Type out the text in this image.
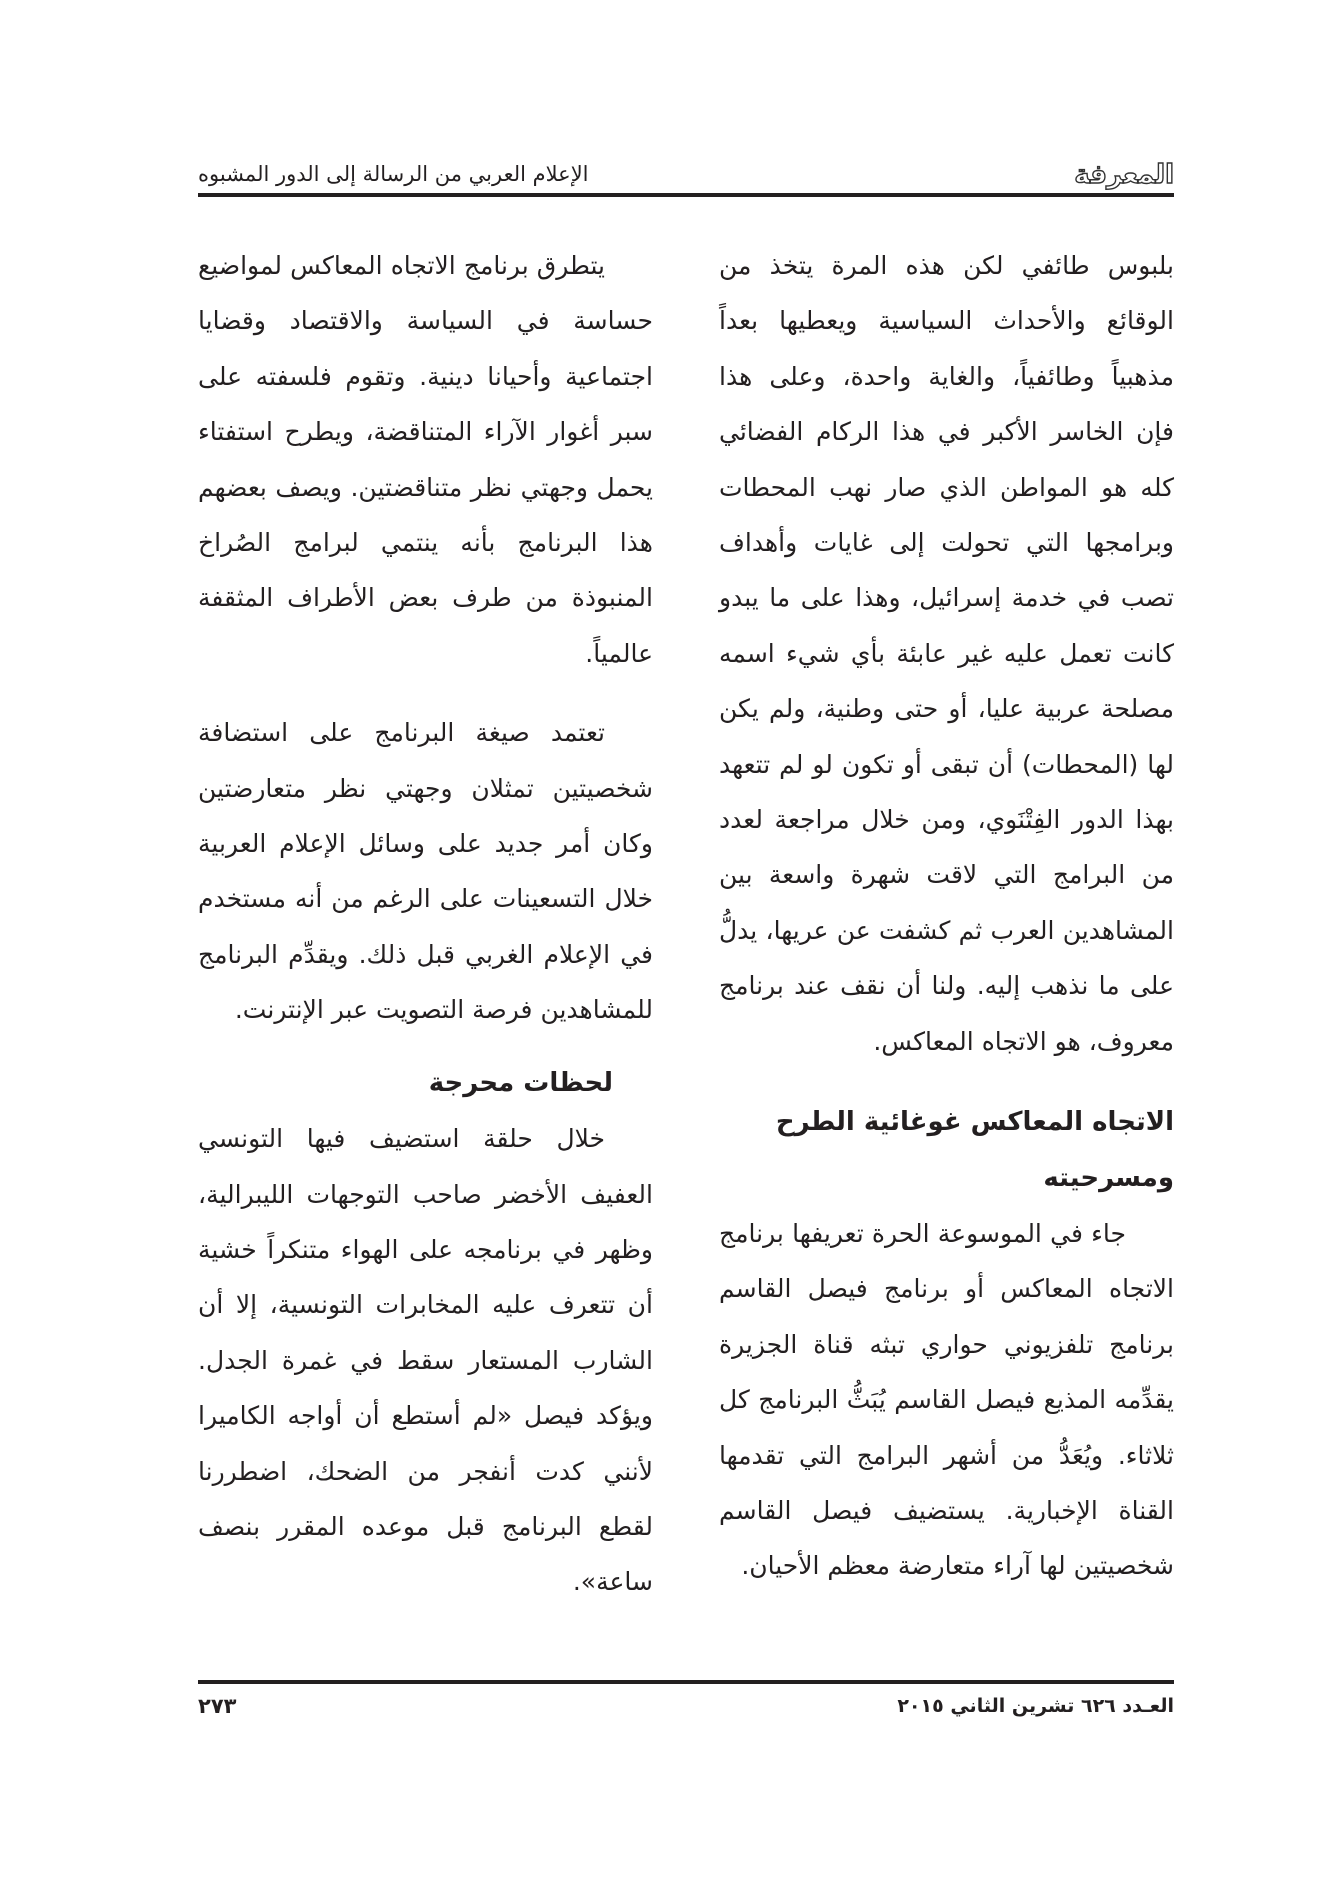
المعرفة
الإعلام العربي من الرسالة إلى الدور المشبوه

بلبوس طائفي لكن هذه المرة يتخذ من الوقائع والأحداث السياسية ويعطيها بعداً مذهبياً وطائفياً، والغاية واحدة، وعلى هذا فإن الخاسر الأكبر في هذا الركام الفضائي كله هو المواطن الذي صار نهب المحطات وبرامجها التي تحولت إلى غايات وأهداف تصب في خدمة إسرائيل، وهذا على ما يبدو كانت تعمل عليه غير عابئة بأي شيء اسمه مصلحة عربية عليا، أو حتى وطنية، ولم يكن لها (المحطات) أن تبقى أو تكون لو لم تتعهد بهذا الدور الفِتْنَوي، ومن خلال مراجعة لعدد من البرامج التي لاقت شهرة واسعة بين المشاهدين العرب ثم كشفت عن عريها، يدلُّ على ما نذهب إليه. ولنا أن نقف عند برنامج معروف، هو الاتجاه المعاكس.

الاتجاه المعاكس غوغائية الطرح ومسرحيته

جاء في الموسوعة الحرة تعريفها برنامج الاتجاه المعاكس أو برنامج فيصل القاسم برنامج تلفزيوني حواري تبثه قناة الجزيرة يقدِّمه المذيع فيصل القاسم يُبَثُّ البرنامج كل ثلاثاء. ويُعَدُّ من أشهر البرامج التي تقدمها القناة الإخبارية. يستضيف فيصل القاسم شخصيتين لها آراء متعارضة معظم الأحيان.

يتطرق برنامج الاتجاه المعاكس لمواضيع حساسة في السياسة والاقتصاد وقضايا اجتماعية وأحيانا دينية. وتقوم فلسفته على سبر أغوار الآراء المتناقضة، ويطرح استفتاء يحمل وجهتي نظر متناقضتين. ويصف بعضهم هذا البرنامج بأنه ينتمي لبرامج الصُراخ المنبوذة من طرف بعض الأطراف المثقفة عالمياً.

تعتمد صيغة البرنامج على استضافة شخصيتين تمثلان وجهتي نظر متعارضتين وكان أمر جديد على وسائل الإعلام العربية خلال التسعينات على الرغم من أنه مستخدم في الإعلام الغربي قبل ذلك. ويقدِّم البرنامج للمشاهدين فرصة التصويت عبر الإنترنت.

لحظات محرجة

خلال حلقة استضيف فيها التونسي العفيف الأخضر صاحب التوجهات الليبرالية، وظهر في برنامجه على الهواء متنكراً خشية أن تتعرف عليه المخابرات التونسية، إلا أن الشارب المستعار سقط في غمرة الجدل. ويؤكد فيصل «لم أستطع أن أواجه الكاميرا لأنني كدت أنفجر من الضحك، اضطررنا لقطع البرنامج قبل موعده المقرر بنصف ساعة».

العـدد ٦٢٦ تشرين الثاني ٢٠١٥
٢٧٣
